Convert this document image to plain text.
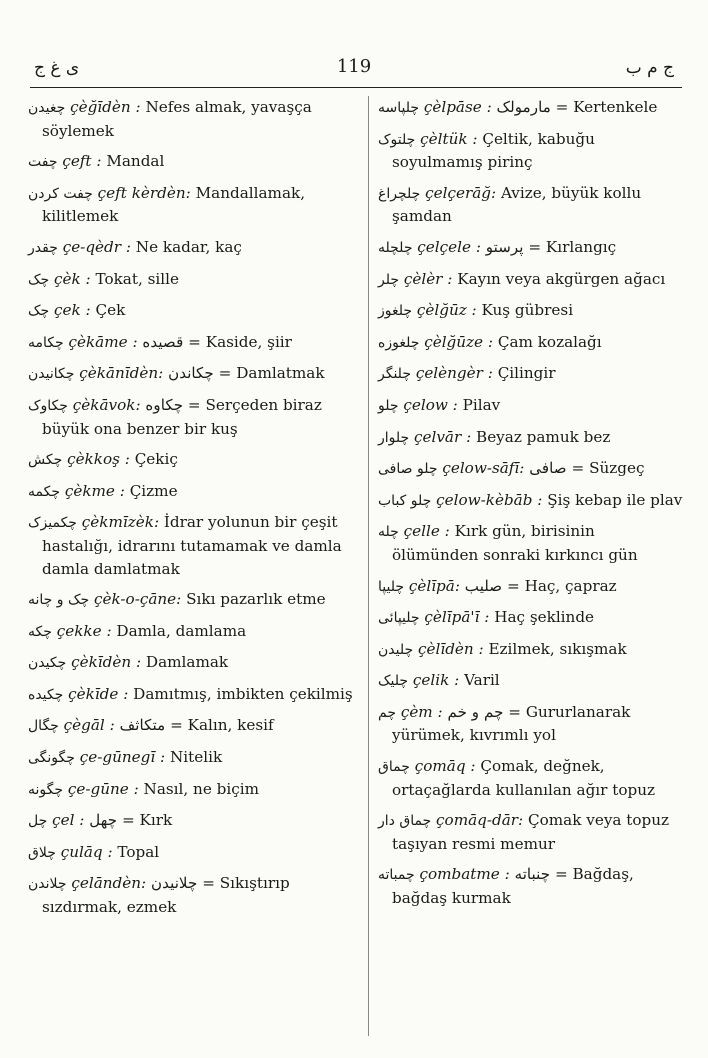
ى غ ج	119	ج م ب
چغیدن çèğīdèn : Nefes almak, yavaşça söylemek
چفت çeft : Mandal
چفت کردن çeft kèrdèn: Mandallamak, kilitlemek
چقدر çe-qèdr : Ne kadar, kaç
چک çèk : Tokat, sille
چک çek : Çek
چکامه çèkāme : قصیده = Kaside, şiir
چکانیدن çèkānīdèn: چکاندن = Damlatmak
چکاوک çèkāvok: چکاوه = Serçeden biraz büyük ona benzer bir kuş
چکش çèkkoş : Çekiç
چکمه çèkme : Çizme
چکمیزک çèkmīzèk: İdrar yolunun bir çeşit hastalığı, idrarını tutamamak ve damla damla damlatmak
چک و چانه çèk-o-çāne: Sıkı pazarlık etme
چکه çekke : Damla, damlama
چکیدن çèkīdèn : Damlamak
چکیده çèkīde : Damıtmış, imbikten çekilmiş
چگال çègāl : متکاثف = Kalın, kesif
چگونگی çe-gūnegī : Nitelik
چگونه çe-gūne : Nasıl, ne biçim
چل çel : چهل = Kırk
چلاق çulāq : Topal
چلاندن çelāndèn: چلانیدن = Sıkıştırıp sızdırmak, ezmek
چلپاسه çèlpāse : مارمولک = Kertenkele
چلتوک çèltük : Çeltik, kabuğu soyulmamış pirinç
چلچراغ çelçerāğ: Avize, büyük kollu şamdan
چلچله çelçele : پرستو = Kırlangıç
چلر çèlèr : Kayın veya akgürgen ağacı
چلغوز çèlğūz : Kuş gübresi
چلغوزه çèlğūze : Çam kozalağı
چلنگر çelèngèr : Çilingir
چلو çelow : Pilav
چلوار çelvār : Beyaz pamuk bez
چلو صافی çelow-sāfī: صافی = Süzgeç
چلو کباب çelow-kèbāb : Şiş kebap ile plav
چله çelle : Kırk gün, birisinin ölümünden sonraki kırkıncı gün
چلیپا çèlīpā: صلیب = Haç, çapraz
چلیپائی çèlīpā'ī : Haç şeklinde
چلیدن çèlīdèn : Ezilmek, sıkışmak
چلیک çelik : Varil
چم çèm : چم و خم = Gururlanarak yürümek, kıvrımlı yol
چماق çomāq : Çomak, değnek, ortaçağlarda kullanılan ağır topuz
چماق دار çomāq-dār: Çomak veya topuz taşıyan resmi memur
چمباته çombatme : چنباته = Bağdaş, bağdaş kurmak
